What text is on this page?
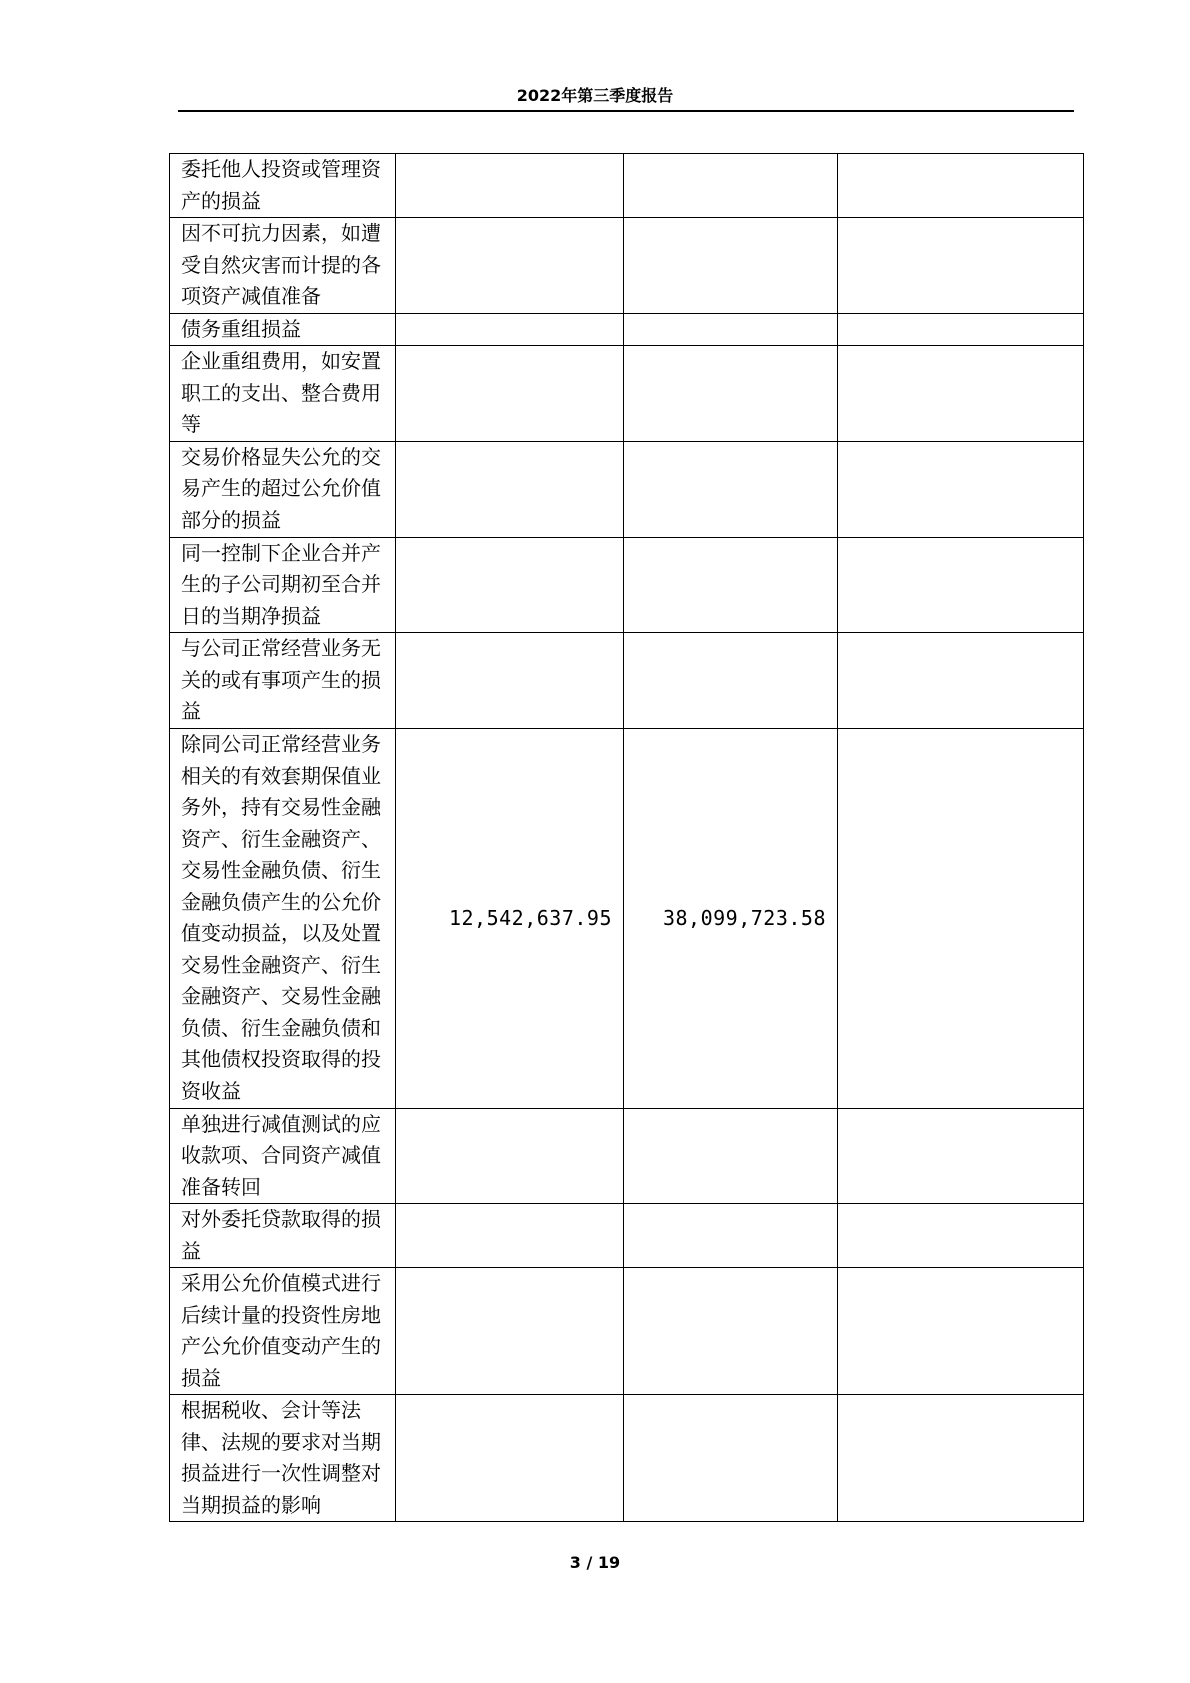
2022年第三季度报告
委托他人投资或管理资产的损益			
因不可抗力因素，如遭受自然灾害而计提的各项资产减值准备			
债务重组损益			
企业重组费用，如安置职工的支出、整合费用等			
交易价格显失公允的交易产生的超过公允价值部分的损益			
同一控制下企业合并产生的子公司期初至合并日的当期净损益			
与公司正常经营业务无关的或有事项产生的损益			
除同公司正常经营业务相关的有效套期保值业务外，持有交易性金融资产、衍生金融资产、交易性金融负债、衍生金融负债产生的公允价值变动损益，以及处置交易性金融资产、衍生金融资产、交易性金融负债、衍生金融负债和其他债权投资取得的投资收益	12,542,637.95	38,099,723.58	
单独进行减值测试的应收款项、合同资产减值准备转回			
对外委托贷款取得的损益			
采用公允价值模式进行后续计量的投资性房地产公允价值变动产生的损益			
根据税收、会计等法律、法规的要求对当期损益进行一次性调整对当期损益的影响			
3 / 19
